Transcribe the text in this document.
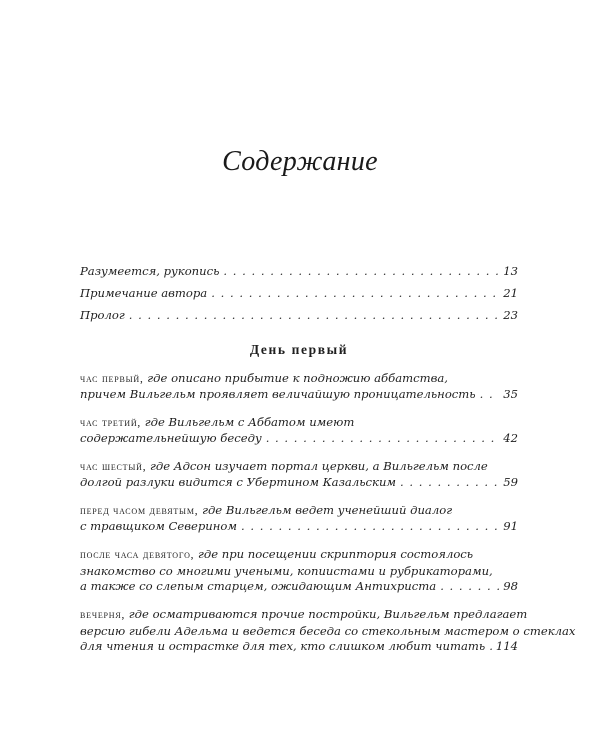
Содержание
Разумеется, рукопись . . .	13
Примечание автора . . .	21
Пролог . . .	23
День первый
час первый, где описано прибытие к подножию аббатства,
причем Вильгельм проявляет величайшую проницательность . . . 35
час третий, где Вильгельм с Аббатом имеют
содержательнейшую беседу . . .	42
час шестый, где Адсон изучает портал церкви, а Вильгельм после
долгой разлуки видится с Убертином Казальским . . .	59
перед часом девятым, где Вильгельм ведет ученейший диалог
с травщиком Северином . . .	91
после часа девятого, где при посещении скриптория состоялось
знакомство со многими учеными, копиистами и рубрикаторами,
а также со слепым старцем, ожидающим Антихриста . . .	98
вечерня, где осматриваются прочие постройки, Вильгельм предлагает
версию гибели Адельма и ведется беседа со стекольным мастером о стеклах
для чтения и острастке для тех, кто слишком любит читать . . . 114
